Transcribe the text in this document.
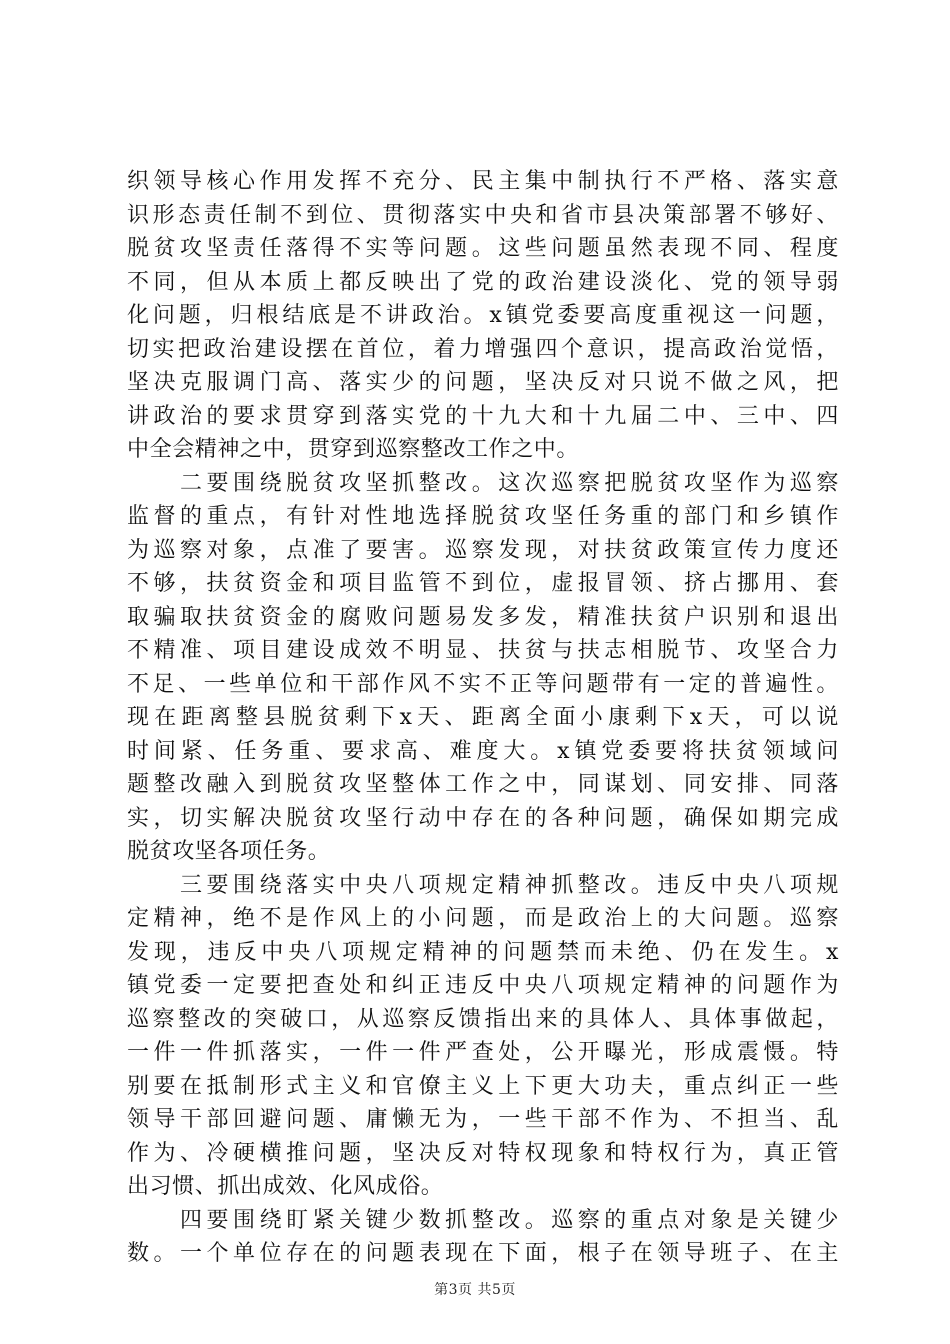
织领导核心作用发挥不充分、民主集中制执行不严格、落实意
识形态责任制不到位、贯彻落实中央和省市县决策部署不够好、
脱贫攻坚责任落得不实等问题。这些问题虽然表现不同、程度
不同，但从本质上都反映出了党的政治建设淡化、党的领导弱
化问题，归根结底是不讲政治。x镇党委要高度重视这一问题，
切实把政治建设摆在首位，着力增强四个意识，提高政治觉悟，
坚决克服调门高、落实少的问题，坚决反对只说不做之风，把
讲政治的要求贯穿到落实党的十九大和十九届二中、三中、四
中全会精神之中，贯穿到巡察整改工作之中。
　　二要围绕脱贫攻坚抓整改。这次巡察把脱贫攻坚作为巡察
监督的重点，有针对性地选择脱贫攻坚任务重的部门和乡镇作
为巡察对象，点准了要害。巡察发现，对扶贫政策宣传力度还
不够，扶贫资金和项目监管不到位，虚报冒领、挤占挪用、套
取骗取扶贫资金的腐败问题易发多发，精准扶贫户识别和退出
不精准、项目建设成效不明显、扶贫与扶志相脱节、攻坚合力
不足、一些单位和干部作风不实不正等问题带有一定的普遍性。
现在距离整县脱贫剩下x天、距离全面小康剩下x天，可以说
时间紧、任务重、要求高、难度大。x镇党委要将扶贫领域问
题整改融入到脱贫攻坚整体工作之中，同谋划、同安排、同落
实，切实解决脱贫攻坚行动中存在的各种问题，确保如期完成
脱贫攻坚各项任务。
　　三要围绕落实中央八项规定精神抓整改。违反中央八项规
定精神，绝不是作风上的小问题，而是政治上的大问题。巡察
发现，违反中央八项规定精神的问题禁而未绝、仍在发生。x
镇党委一定要把查处和纠正违反中央八项规定精神的问题作为
巡察整改的突破口，从巡察反馈指出来的具体人、具体事做起，
一件一件抓落实，一件一件严查处，公开曝光，形成震慑。特
别要在抵制形式主义和官僚主义上下更大功夫，重点纠正一些
领导干部回避问题、庸懒无为，一些干部不作为、不担当、乱
作为、冷硬横推问题，坚决反对特权现象和特权行为，真正管
出习惯、抓出成效、化风成俗。
　　四要围绕盯紧关键少数抓整改。巡察的重点对象是关键少
数。一个单位存在的问题表现在下面，根子在领导班子、在主
第3页 共5页
